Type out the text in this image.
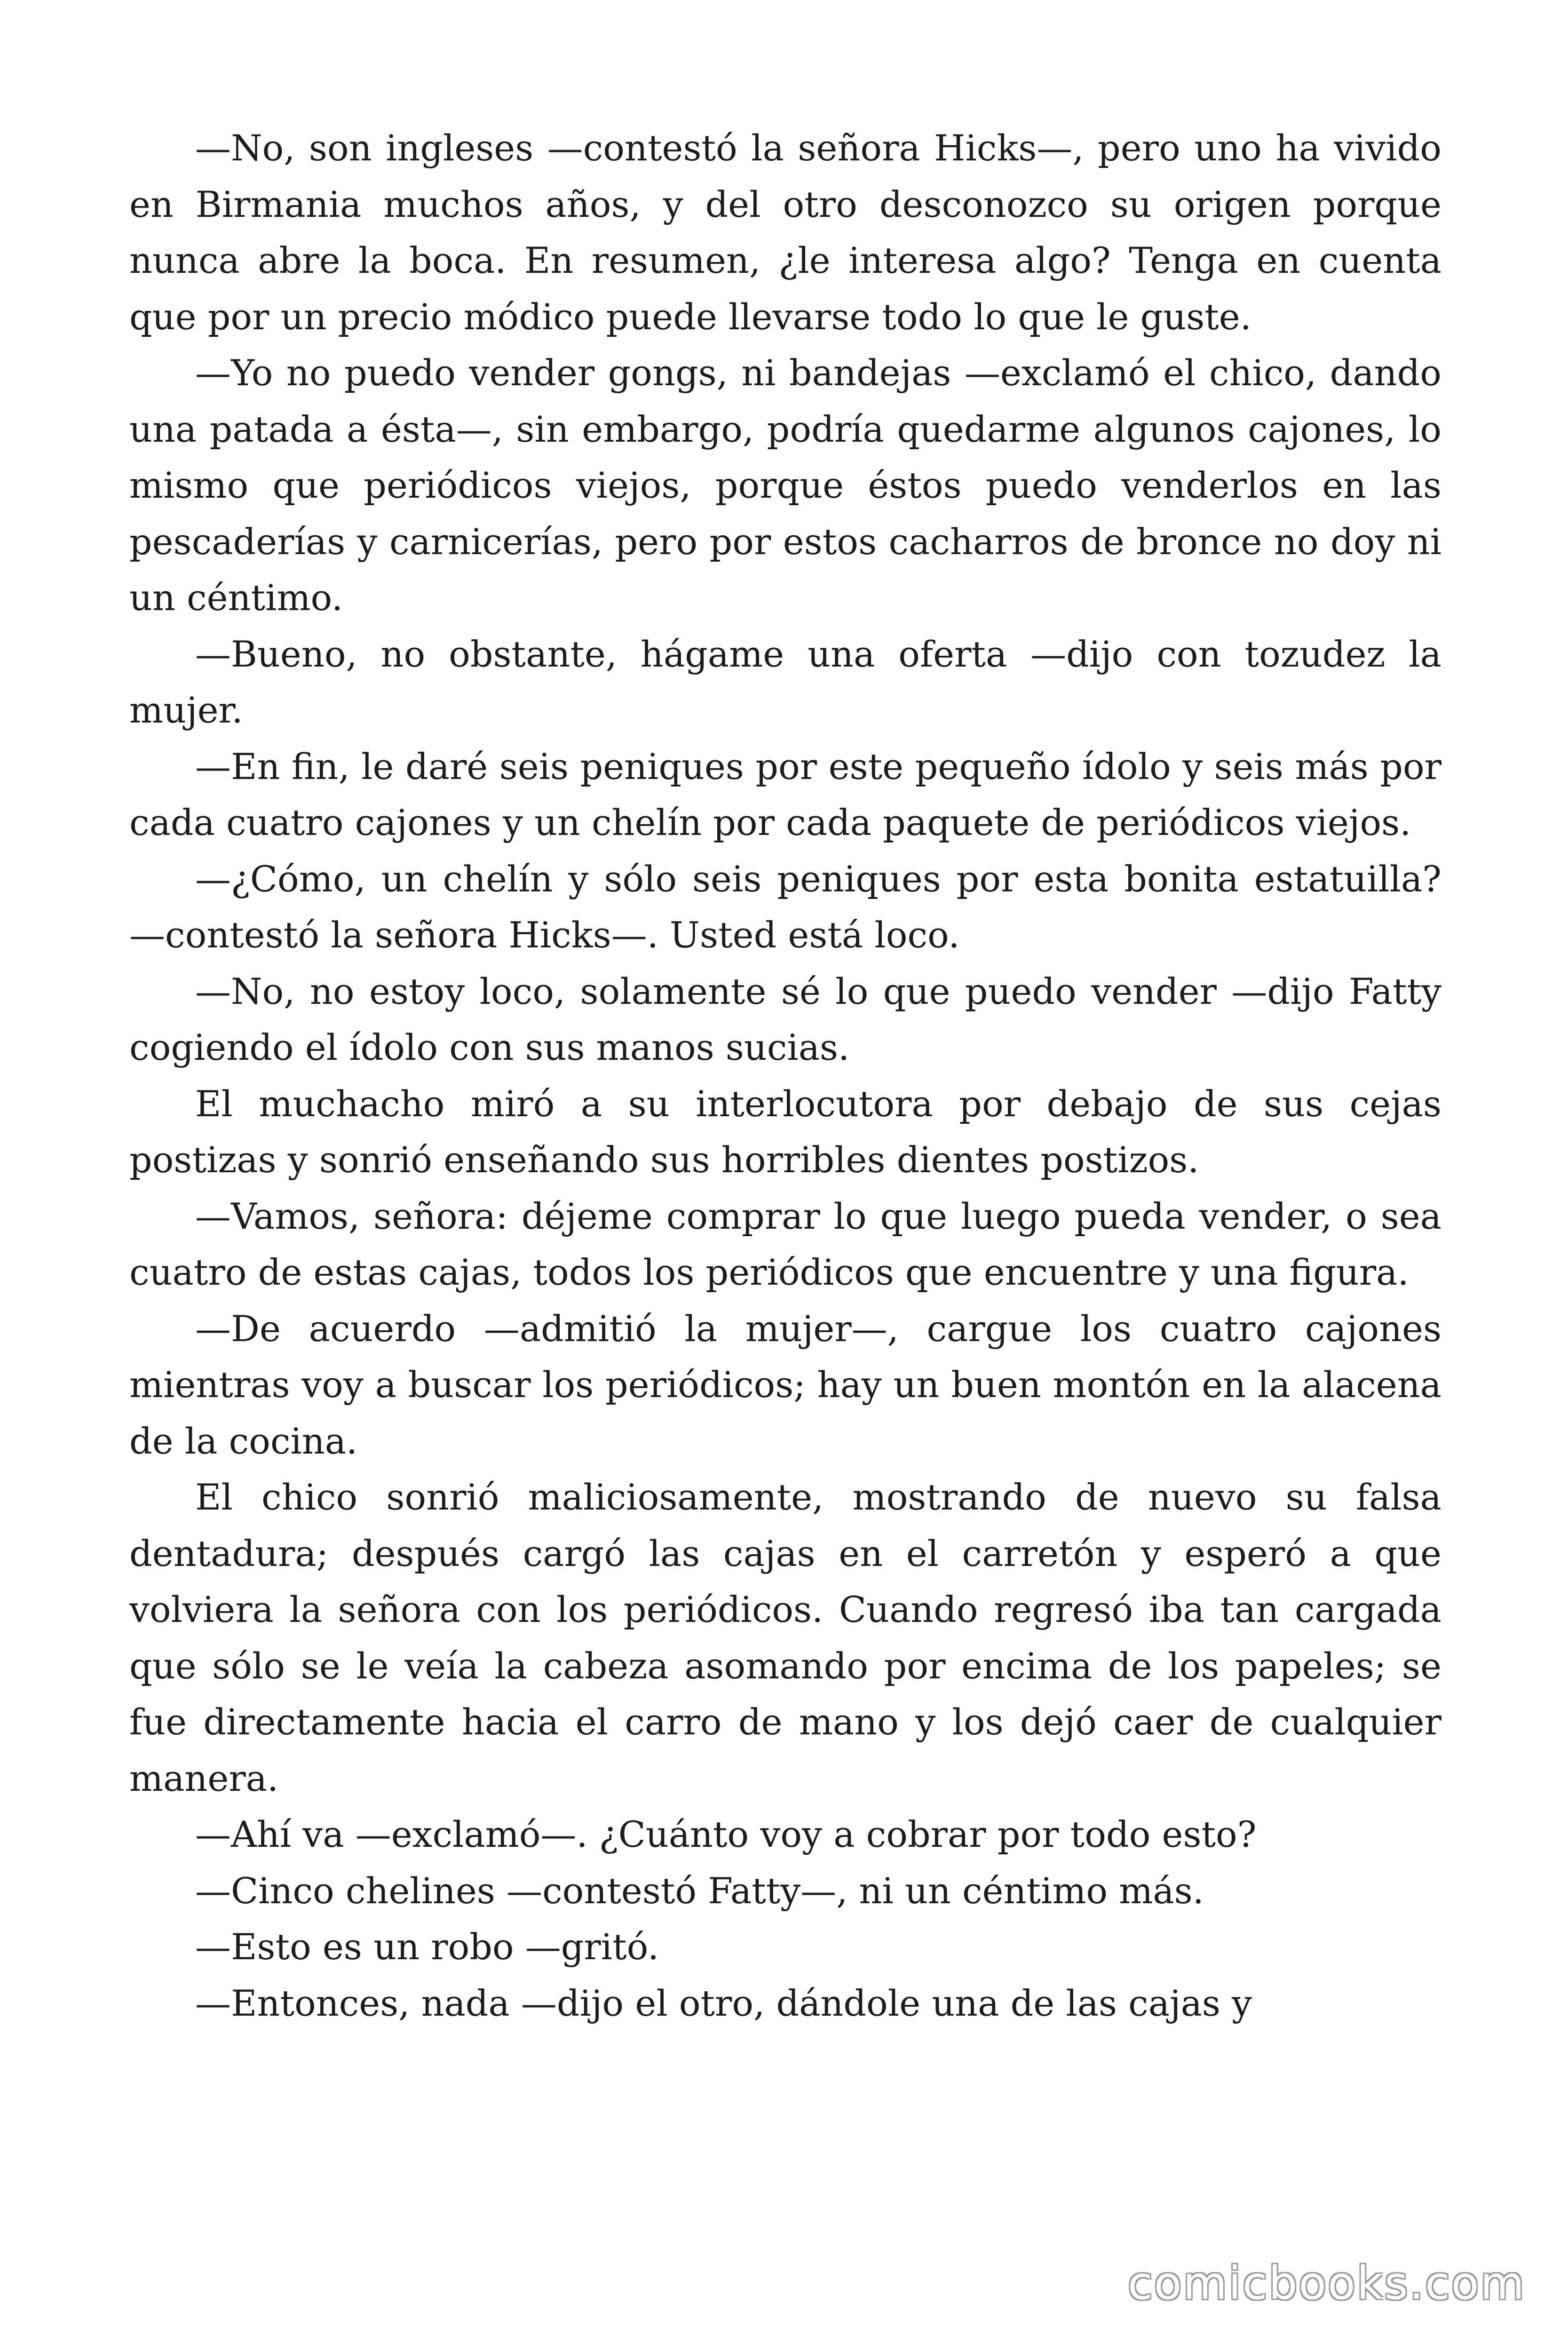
—No, son ingleses —contestó la señora Hicks—, pero uno ha vivido en Birmania muchos años, y del otro desconozco su origen porque nunca abre la boca. En resumen, ¿le interesa algo? Tenga en cuenta que por un precio módico puede llevarse todo lo que le guste.

—Yo no puedo vender gongs, ni bandejas —exclamó el chico, dando una patada a ésta—, sin embargo, podría quedarme algunos cajones, lo mismo que periódicos viejos, porque éstos puedo venderlos en las pescaderías y carnicerías, pero por estos cacharros de bronce no doy ni un céntimo.

—Bueno, no obstante, hágame una oferta —dijo con tozudez la mujer.

—En fin, le daré seis peniques por este pequeño ídolo y seis más por cada cuatro cajones y un chelín por cada paquete de periódicos viejos.

—¿Cómo, un chelín y sólo seis peniques por esta bonita estatuilla? —contestó la señora Hicks—. Usted está loco.

—No, no estoy loco, solamente sé lo que puedo vender —dijo Fatty cogiendo el ídolo con sus manos sucias.

El muchacho miró a su interlocutora por debajo de sus cejas postizas y sonrió enseñando sus horribles dientes postizos.

—Vamos, señora: déjeme comprar lo que luego pueda vender, o sea cuatro de estas cajas, todos los periódicos que encuentre y una figura.

—De acuerdo —admitió la mujer—, cargue los cuatro cajones mientras voy a buscar los periódicos; hay un buen montón en la alacena de la cocina.

El chico sonrió maliciosamente, mostrando de nuevo su falsa dentadura; después cargó las cajas en el carretón y esperó a que volviera la señora con los periódicos. Cuando regresó iba tan cargada que sólo se le veía la cabeza asomando por encima de los papeles; se fue directamente hacia el carro de mano y los dejó caer de cualquier manera.

—Ahí va —exclamó—. ¿Cuánto voy a cobrar por todo esto?

—Cinco chelines —contestó Fatty—, ni un céntimo más.

—Esto es un robo —gritó.

—Entonces, nada —dijo el otro, dándole una de las cajas y

comicbooks.com
